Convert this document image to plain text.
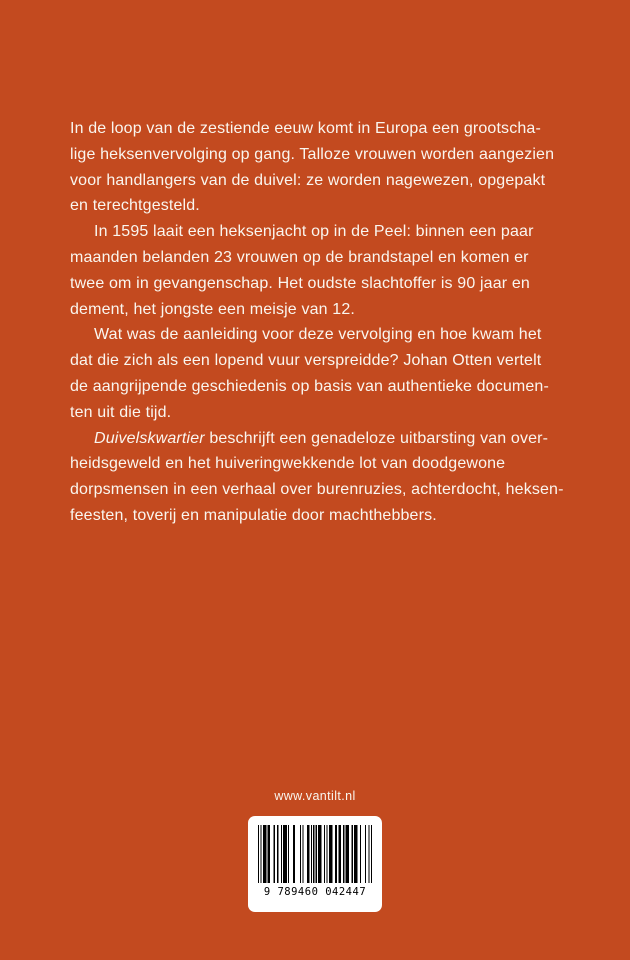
In de loop van de zestiende eeuw komt in Europa een grootscha-
lige heksenvervolging op gang. Talloze vrouwen worden aangezien
voor handlangers van de duivel: ze worden nagewezen, opgepakt
en terechtgesteld.
In 1595 laait een heksenjacht op in de Peel: binnen een paar
maanden belanden 23 vrouwen op de brandstapel en komen er
twee om in gevangenschap. Het oudste slachtoffer is 90 jaar en
dement, het jongste een meisje van 12.
Wat was de aanleiding voor deze vervolging en hoe kwam het
dat die zich als een lopend vuur verspreidde? Johan Otten vertelt
de aangrijpende geschiedenis op basis van authentieke documen-
ten uit die tijd.
Duivelskwartier beschrijft een genadeloze uitbarsting van over-
heidsgeweld en het huiveringwekkende lot van doodgewone
dorpsmensen in een verhaal over burenruzies, achterdocht, heksen-
feesten, toverij en manipulatie door machthebbers.
www.vantilt.nl
9 789460 042447
